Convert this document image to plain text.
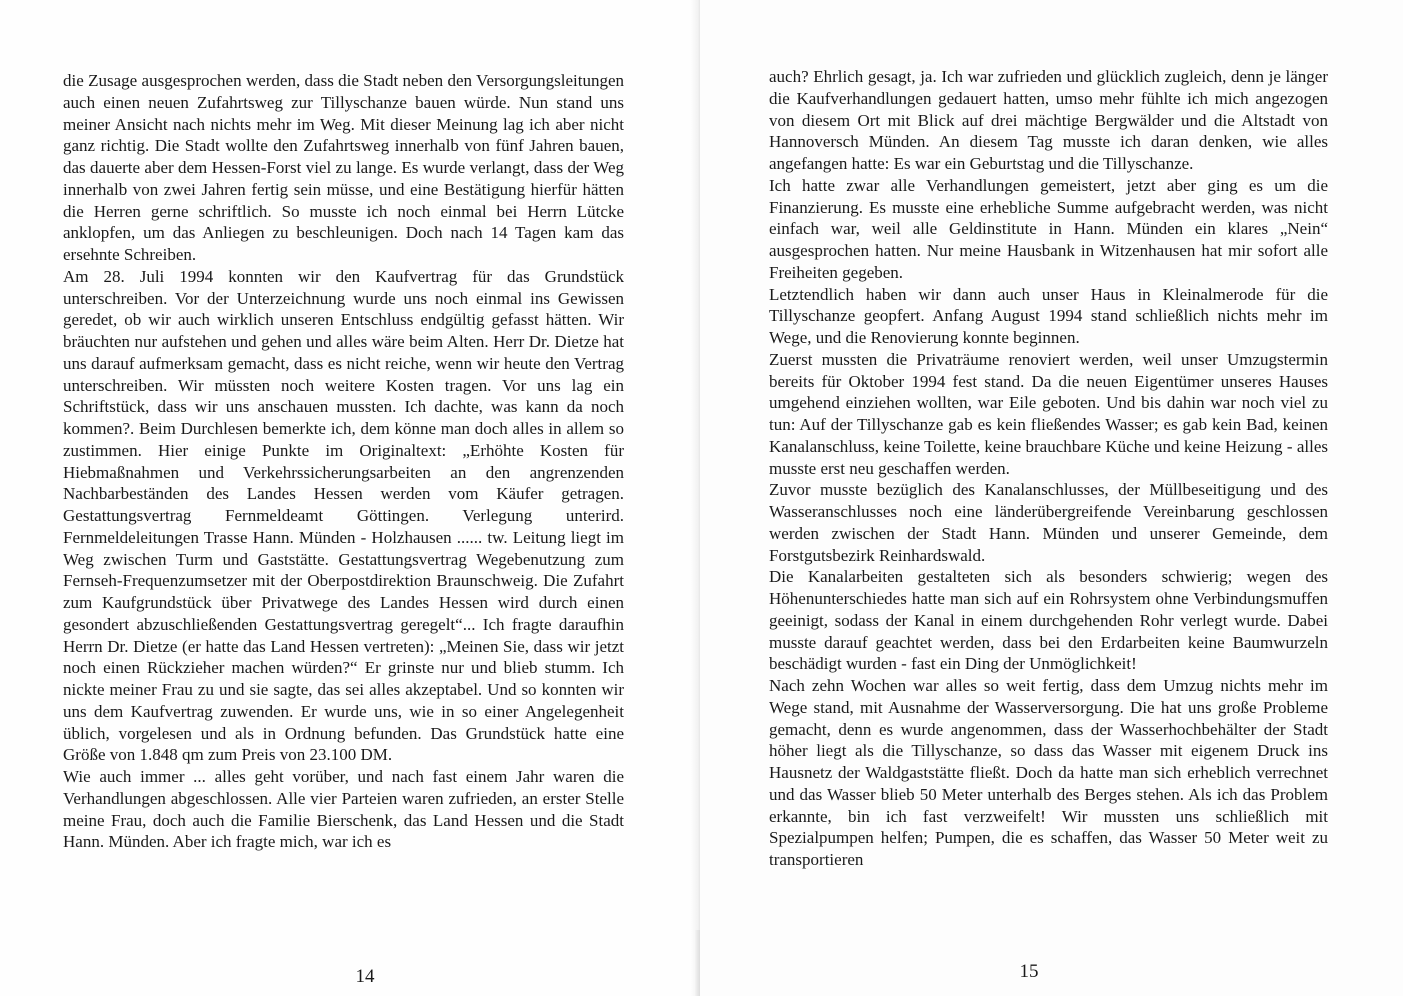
die Zusage ausgesprochen werden, dass die Stadt neben den Versorgungsleitungen auch einen neuen Zufahrtsweg zur Tillyschanze bauen würde. Nun stand uns meiner Ansicht nach nichts mehr im Weg. Mit dieser Meinung lag ich aber nicht ganz richtig. Die Stadt wollte den Zufahrtsweg innerhalb von fünf Jahren bauen, das dauerte aber dem Hessen-Forst viel zu lange. Es wurde verlangt, dass der Weg innerhalb von zwei Jahren fertig sein müsse, und eine Bestätigung hierfür hätten die Herren gerne schriftlich. So musste ich noch einmal bei Herrn Lütcke anklopfen, um das Anliegen zu beschleunigen. Doch nach 14 Tagen kam das ersehnte Schreiben.

Am 28. Juli 1994 konnten wir den Kaufvertrag für das Grundstück unterschreiben. Vor der Unterzeichnung wurde uns noch einmal ins Gewissen geredet, ob wir auch wirklich unseren Entschluss endgültig gefasst hätten. Wir bräuchten nur aufstehen und gehen und alles wäre beim Alten. Herr Dr. Dietze hat uns darauf aufmerksam gemacht, dass es nicht reiche, wenn wir heute den Vertrag unterschreiben. Wir müssten noch weitere Kosten tragen. Vor uns lag ein Schriftstück, dass wir uns anschauen mussten. Ich dachte, was kann da noch kommen?. Beim Durchlesen bemerkte ich, dem könne man doch alles in allem so zustimmen. Hier einige Punkte im Originaltext: „Erhöhte Kosten für Hiebmaßnahmen und Verkehrssicherungsarbeiten an den angrenzenden Nachbarbeständen des Landes Hessen werden vom Käufer getragen. Gestattungsvertrag Fernmeldeamt Göttingen. Verlegung unterird. Fernmeldeleitungen Trasse Hann. Münden - Holzhausen ...... tw. Leitung liegt im Weg zwischen Turm und Gaststätte. Gestattungsvertrag Wegebenutzung zum Fernseh-Frequenzumsetzer mit der Oberpostdirektion Braunschweig. Die Zufahrt zum Kaufgrundstück über Privatwege des Landes Hessen wird durch einen gesondert abzuschließenden Gestattungsvertrag geregelt“... Ich fragte daraufhin Herrn Dr. Dietze (er hatte das Land Hessen vertreten): „Meinen Sie, dass wir jetzt noch einen Rückzieher machen würden?“ Er grinste nur und blieb stumm. Ich nickte meiner Frau zu und sie sagte, das sei alles akzeptabel. Und so konnten wir uns dem Kaufvertrag zuwenden. Er wurde uns, wie in so einer Angelegenheit üblich, vorgelesen und als in Ordnung befunden. Das Grundstück hatte eine Größe von 1.848 qm zum Preis von 23.100 DM.

Wie auch immer ... alles geht vorüber, und nach fast einem Jahr waren die Verhandlungen abgeschlossen. Alle vier Parteien waren zufrieden, an erster Stelle meine Frau, doch auch die Familie Bierschenk, das Land Hessen und die Stadt Hann. Münden. Aber ich fragte mich, war ich es

14

auch? Ehrlich gesagt, ja. Ich war zufrieden und glücklich zugleich, denn je länger die Kaufverhandlungen gedauert hatten, umso mehr fühlte ich mich angezogen von diesem Ort mit Blick auf drei mächtige Bergwälder und die Altstadt von Hannoversch Münden. An diesem Tag musste ich daran denken, wie alles angefangen hatte: Es war ein Geburtstag und die Tillyschanze.

Ich hatte zwar alle Verhandlungen gemeistert, jetzt aber ging es um die Finanzierung. Es musste eine erhebliche Summe aufgebracht werden, was nicht einfach war, weil alle Geldinstitute in Hann. Münden ein klares „Nein“ ausgesprochen hatten. Nur meine Hausbank in Witzenhausen hat mir sofort alle Freiheiten gegeben.

Letztendlich haben wir dann auch unser Haus in Kleinalmerode für die Tillyschanze geopfert. Anfang August 1994 stand schließlich nichts mehr im Wege, und die Renovierung konnte beginnen.

Zuerst mussten die Privaträume renoviert werden, weil unser Umzugstermin bereits für Oktober 1994 fest stand. Da die neuen Eigentümer unseres Hauses umgehend einziehen wollten, war Eile geboten. Und bis dahin war noch viel zu tun: Auf der Tillyschanze gab es kein fließendes Wasser; es gab kein Bad, keinen Kanalanschluss, keine Toilette, keine brauchbare Küche und keine Heizung - alles musste erst neu geschaffen werden.

Zuvor musste bezüglich des Kanalanschlusses, der Müllbeseitigung und des Wasseranschlusses noch eine länderübergreifende Vereinbarung geschlossen werden zwischen der Stadt Hann. Münden und unserer Gemeinde, dem Forstgutsbezirk Reinhardswald.

Die Kanalarbeiten gestalteten sich als besonders schwierig; wegen des Höhenunterschiedes hatte man sich auf ein Rohrsystem ohne Verbindungsmuffen geeinigt, sodass der Kanal in einem durchgehenden Rohr verlegt wurde. Dabei musste darauf geachtet werden, dass bei den Erdarbeiten keine Baumwurzeln beschädigt wurden - fast ein Ding der Unmöglichkeit!

Nach zehn Wochen war alles so weit fertig, dass dem Umzug nichts mehr im Wege stand, mit Ausnahme der Wasserversorgung. Die hat uns große Probleme gemacht, denn es wurde angenommen, dass der Wasserhochbehälter der Stadt höher liegt als die Tillyschanze, so dass das Wasser mit eigenem Druck ins Hausnetz der Waldgaststätte fließt. Doch da hatte man sich erheblich verrechnet und das Wasser blieb 50 Meter unterhalb des Berges stehen. Als ich das Problem erkannte, bin ich fast verzweifelt! Wir mussten uns schließlich mit Spezialpumpen helfen; Pumpen, die es schaffen, das Wasser 50 Meter weit zu transportieren

15
